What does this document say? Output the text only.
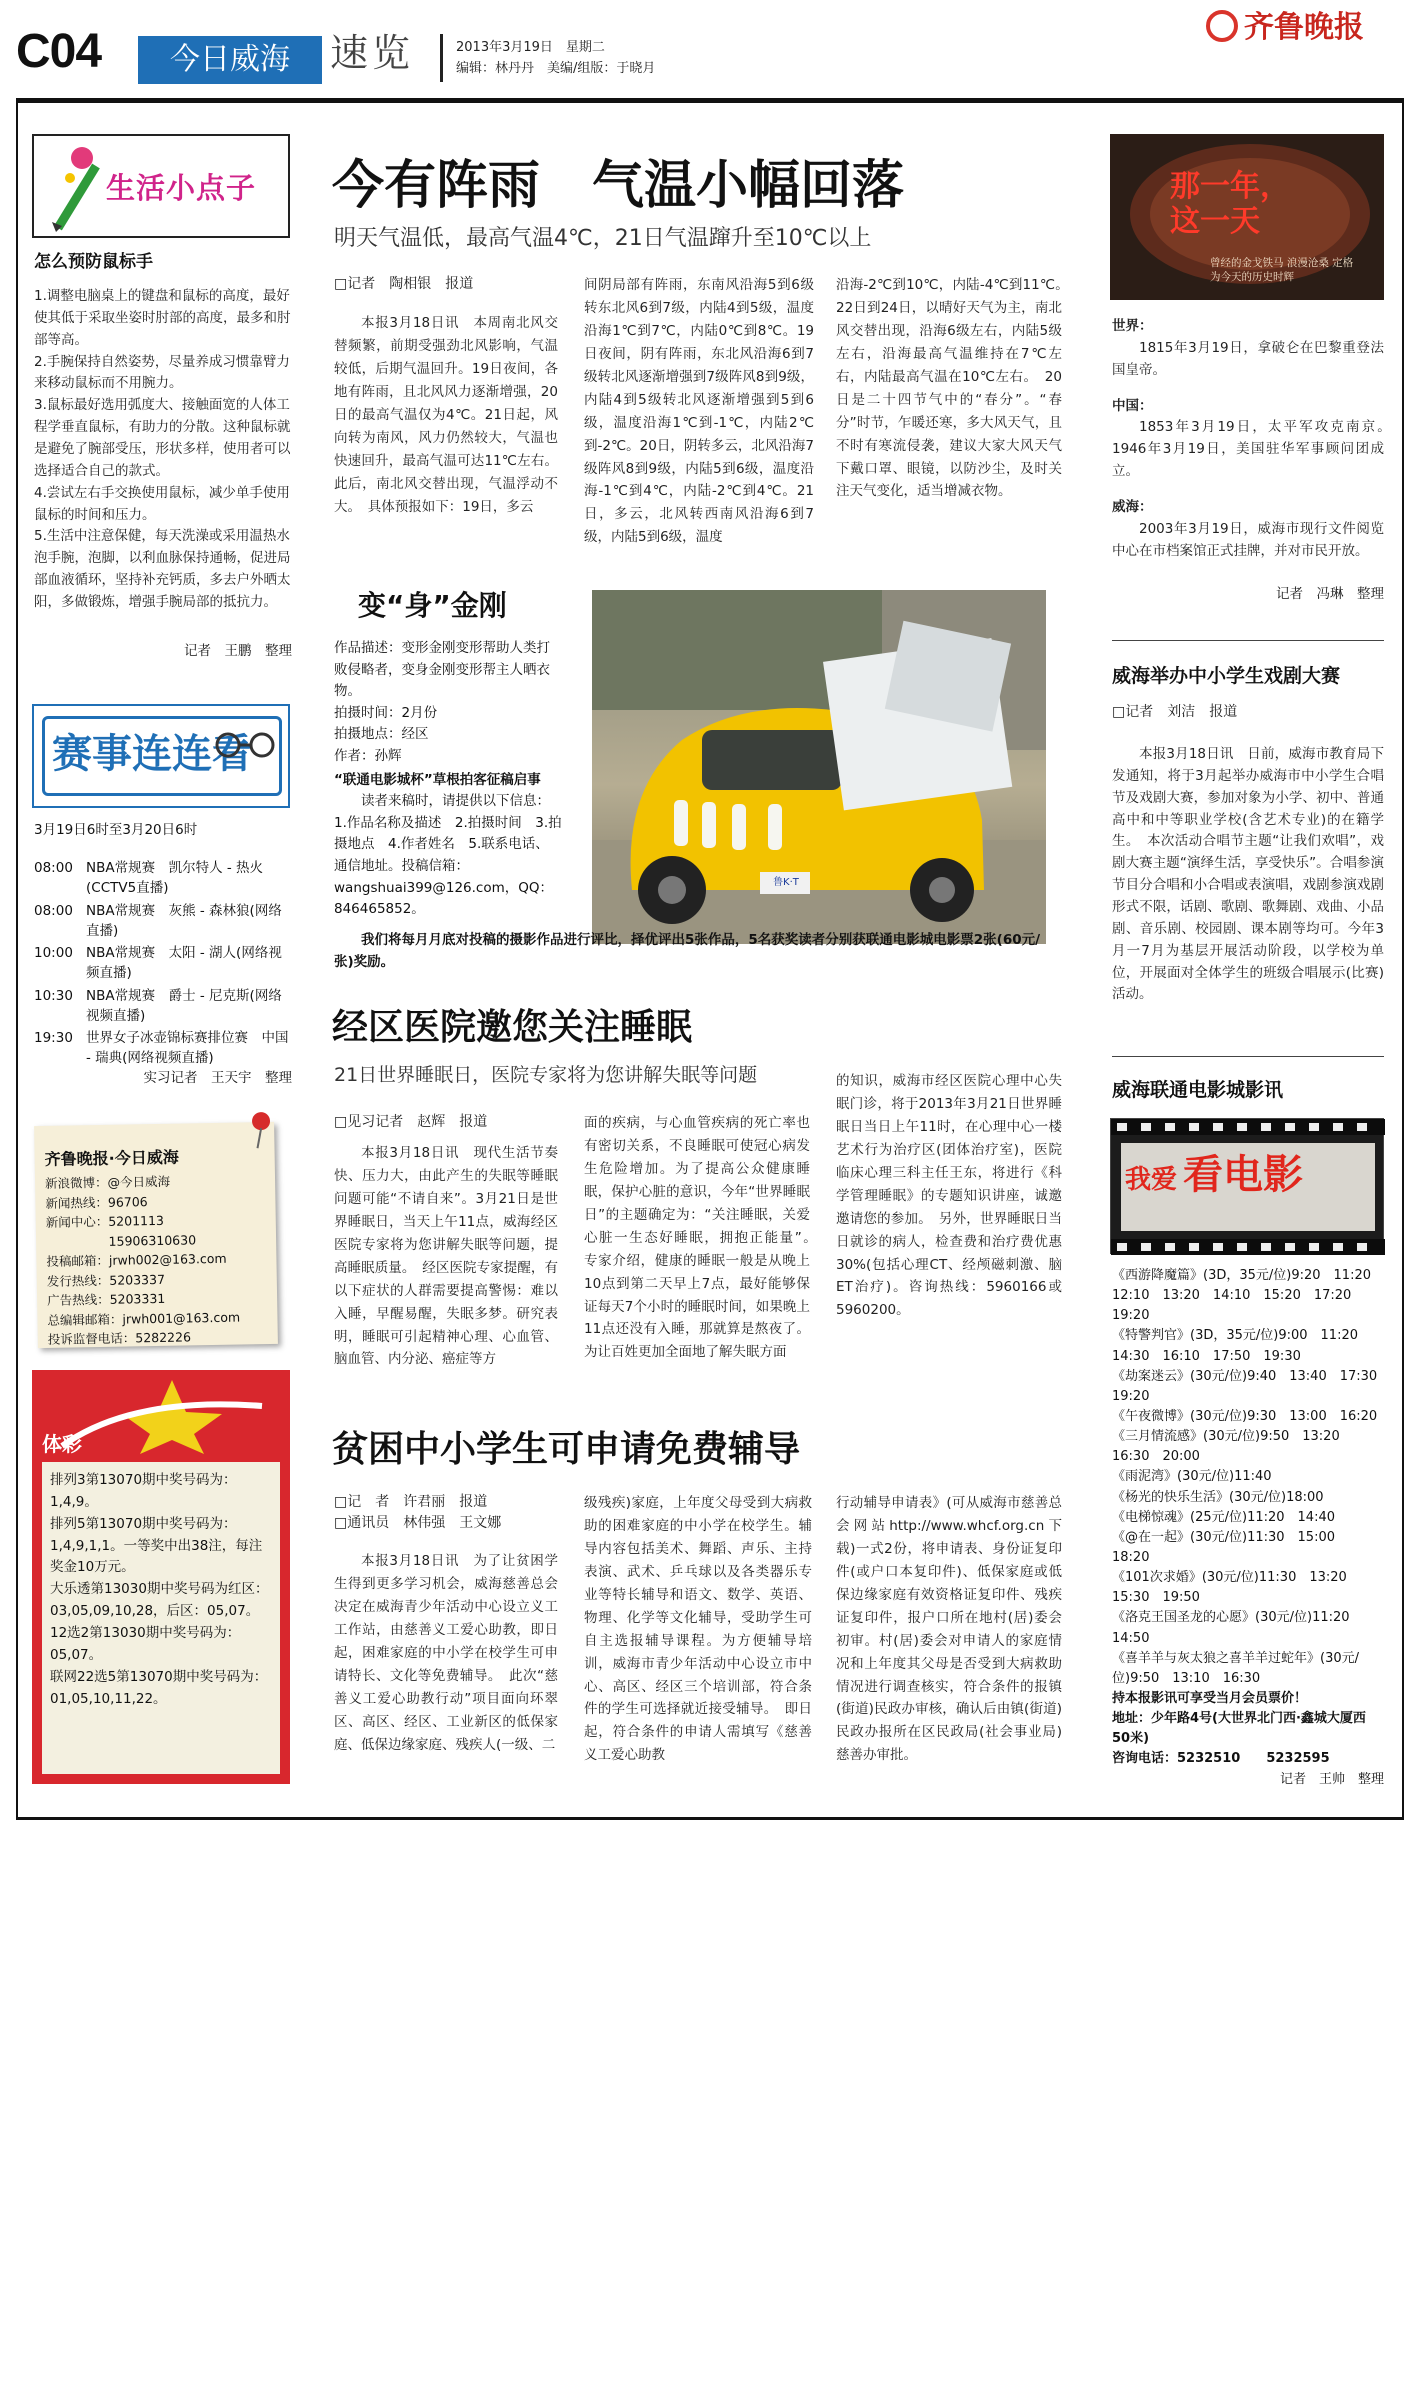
C04	今日威海	速览	2013年3月19日　星期二
编辑：林丹丹　美编/组版：于晓月
齐鲁晚报
生活小点子
怎么预防鼠标手
1.调整电脑桌上的键盘和鼠标的高度，最好使其低于采取坐姿时肘部的高度，最多和肘部等高。
2.手腕保持自然姿势，尽量养成习惯靠臂力来移动鼠标而不用腕力。
3.鼠标最好选用弧度大、接触面宽的人体工程学垂直鼠标，有助力的分散。这种鼠标就是避免了腕部受压，形状多样，使用者可以选择适合自己的款式。
4.尝试左右手交换使用鼠标，减少单手使用鼠标的时间和压力。
5.生活中注意保健，每天洗澡或采用温热水泡手腕，泡脚，以利血脉保持通畅，促进局部血液循环，坚持补充钙质，多去户外晒太阳，多做锻炼，增强手腕局部的抵抗力。
记者　王鹏　整理
赛事连连看
3月19日6时至3月20日6时
08:00 NBA常规赛　凯尔特人 - 热火(CCTV5直播)
08:00 NBA常规赛　灰熊 - 森林狼(网络直播)
10:00 NBA常规赛　太阳 - 湖人(网络视频直播)
10:30 NBA常规赛　爵士 - 尼克斯(网络视频直播)
19:30 世界女子冰壶锦标赛排位赛　中国 - 瑞典(网络视频直播)
实习记者　王天宇　整理
齐鲁晚报·今日威海
新浪微博：@今日威海
新闻热线：96706
新闻中心：5201113
　　　　　15906310630
投稿邮箱：jrwh002@163.com
发行热线：5203337
广告热线：5203331
总编辑邮箱：jrwh001@163.com
投诉监督电话：5282226
体彩
排列3第13070期中奖号码为：1,4,9。
排列5第13070期中奖号码为：1,4,9,1,1。一等奖中出38注，每注奖金10万元。
大乐透第13030期中奖号码为红区：03,05,09,10,28，后区：05,07。
12选2第13030期中奖号码为：05,07。
联网22选5第13070期中奖号码为：01,05,10,11,22。
今有阵雨　气温小幅回落
明天气温低，最高气温4℃，21日气温蹿升至10℃以上
□记者　陶相银　报道

本报3月18日讯　本周南北风交替频繁，前期受强劲北风影响，气温较低，后期气温回升。19日夜间，各地有阵雨，且北风风力逐渐增强，20日的最高气温仅为4℃。21日起，风向转为南风，风力仍然较大，气温也快速回升，最高气温可达11℃左右。此后，南北风交替出现，气温浮动不大。　具体预报如下：19日，多云

间阴局部有阵雨，东南风沿海5到6级转东北风6到7级，内陆4到5级，温度沿海1℃到7℃，内陆0℃到8℃。19日夜间，阴有阵雨，东北风沿海6到7级转北风逐渐增强到7级阵风8到9级，内陆4到5级转北风逐渐增强到5到6级，温度沿海1℃到-1℃，内陆2℃到-2℃。20日，阴转多云，北风沿海7级阵风8到9级，内陆5到6级，温度沿海-1℃到4℃，内陆-2℃到4℃。21日，多云，北风转西南风沿海6到7级，内陆5到6级，温度

沿海-2℃到10℃，内陆-4℃到11℃。　22日到24日，以晴好天气为主，南北风交替出现，沿海6级左右，内陆5级左右，沿海最高气温维持在7℃左右，内陆最高气温在10℃左右。　20日是二十四节气中的“春分”。“春分”时节，乍暖还寒，多大风天气，且不时有寒流侵袭，建议大家大风天气下戴口罩、眼镜，以防沙尘，及时关注天气变化，适当增减衣物。

变“身”金刚
作品描述：变形金刚变形帮助人类打败侵略者，变身金刚变形帮主人晒衣物。
拍摄时间：2月份
拍摄地点：经区
作者：孙辉
“联通电影城杯”草根拍客征稿启事
读者来稿时，请提供以下信息：1.作品名称及描述　2.拍摄时间　3.拍摄地点　4.作者姓名　5.联系电话、通信地址。投稿信箱：wangshuai399@126.com，QQ：846465852。
鲁K·T
我们将每月月底对投稿的摄影作品进行评比，择优评出5张作品，5名获奖读者分别获联通电影城电影票2张(60元/张)奖励。
经区医院邀您关注睡眠
21日世界睡眠日，医院专家将为您讲解失眠等问题
□见习记者　赵辉　报道

本报3月18日讯　现代生活节奏快、压力大，由此产生的失眠等睡眠问题可能“不请自来”。3月21日是世界睡眠日，当天上午11点，威海经区医院专家将为您讲解失眠等问题，提高睡眠质量。　经区医院专家提醒，有以下症状的人群需要提高警惕：难以入睡，早醒易醒，失眠多梦。研究表明，睡眠可引起精神心理、心血管、脑血管、内分泌、癌症等方

面的疾病，与心血管疾病的死亡率也有密切关系，不良睡眠可使冠心病发生危险增加。为了提高公众健康睡眠，保护心脏的意识，今年“世界睡眠日”的主题确定为：“关注睡眠，关爱心脏一生态好睡眠，拥抱正能量”。　专家介绍，健康的睡眠一般是从晚上10点到第二天早上7点，最好能够保证每天7个小时的睡眠时间，如果晚上11点还没有入睡，那就算是熬夜了。为让百姓更加全面地了解失眠方面

的知识，威海市经区医院心理中心失眠门诊，将于2013年3月21日世界睡眠日当日上午11时，在心理中心一楼艺术行为治疗区(团体治疗室)，医院临床心理三科主任王东，将进行《科学管理睡眠》的专题知识讲座，诚邀邀请您的参加。　另外，世界睡眠日当日就诊的病人，检查费和治疗费优惠30%(包括心理CT、经颅磁刺激、脑ET治疗)。咨询热线：5960166或5960200。

贫困中小学生可申请免费辅导
□记　者　许君丽　报道
□通讯员　林伟强　王文娜

本报3月18日讯　为了让贫困学生得到更多学习机会，威海慈善总会决定在威海青少年活动中心设立义工工作站，由慈善义工爱心助教，即日起，困难家庭的中小学在校学生可申请特长、文化等免费辅导。　此次“慈善义工爱心助教行动”项目面向环翠区、高区、经区、工业新区的低保家庭、低保边缘家庭、残疾人(一级、二

级残疾)家庭，上年度父母受到大病救助的困难家庭的中小学在校学生。辅导内容包括美术、舞蹈、声乐、主持表演、武术、乒乓球以及各类器乐专业等特长辅导和语文、数学、英语、物理、化学等文化辅导，受助学生可自主选报辅导课程。为方便辅导培训，威海市青少年活动中心设立市中心、高区、经区三个培训部，符合条件的学生可选择就近接受辅导。　即日起，符合条件的申请人需填写《慈善义工爱心助教

行动辅导申请表》(可从威海市慈善总会网站http://www.whcf.org.cn下载)一式2份，将申请表、身份证复印件(或户口本复印件)、低保家庭或低保边缘家庭有效资格证复印件、残疾证复印件，报户口所在地村(居)委会初审。村(居)委会对申请人的家庭情况和上年度其父母是否受到大病救助情况进行调查核实，符合条件的报镇(街道)民政办审核，确认后由镇(街道)民政办报所在区民政局(社会事业局)慈善办审批。

那一年，这一天
曾经的金戈铁马 浪漫沧桑 定格为今天的历史时辉
世界：

1815年3月19日，拿破仑在巴黎重登法国皇帝。

中国：

1853年3月19日，太平军攻克南京。　1946年3月19日，美国驻华军事顾问团成立。

威海：

2003年3月19日，威海市现行文件阅览中心在市档案馆正式挂牌，并对市民开放。

记者　冯琳　整理
威海举办中小学生戏剧大赛
□记者　刘洁　报道

本报3月18日讯　日前，威海市教育局下发通知，将于3月起举办威海市中小学生合唱节及戏剧大赛，参加对象为小学、初中、普通高中和中等职业学校(含艺术专业)的在籍学生。　本次活动合唱节主题“让我们欢唱”，戏剧大赛主题“演绎生活，享受快乐”。合唱参演节目分合唱和小合唱或表演唱，戏剧参演戏剧形式不限，话剧、歌剧、歌舞剧、戏曲、小品剧、音乐剧、校园剧、课本剧等均可。今年3月一7月为基层开展活动阶段，以学校为单位，开展面对全体学生的班级合唱展示(比赛)活动。

威海联通电影城影讯
我爱 看电影
《西游降魔篇》(3D，35元/位)9:20　11:20　12:10　13:20　14:10　15:20　17:20　19:20
《特警判官》(3D，35元/位)9:00　11:20　14:30　16:10　17:50　19:30
《劫案迷云》(30元/位)9:40　13:40　17:30　19:20
《午夜微博》(30元/位)9:30　13:00　16:20
《三月情流感》(30元/位)9:50　13:20　16:30　20:00
《雨泥湾》(30元/位)11:40
《杨光的快乐生活》(30元/位)18:00
《电梯惊魂》(25元/位)11:20　14:40
《@在一起》(30元/位)11:30　15:00　18:20
《101次求婚》(30元/位)11:30　13:20　15:30　19:50
《洛克王国圣龙的心愿》(30元/位)11:20　14:50
《喜羊羊与灰太狼之喜羊羊过蛇年》(30元/位)9:50　13:10　16:30
持本报影讯可享受当月会员票价！
地址：少年路4号(大世界北门西·鑫城大厦西50米)
咨询电话：5232510　　5232595
记者　王帅　整理
